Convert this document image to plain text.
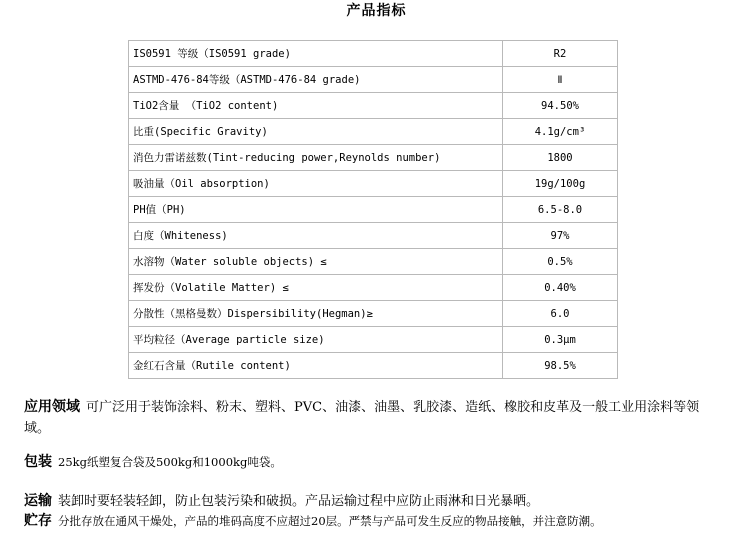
产品指标
IS0591 等级（IS0591 grade)	R2
ASTMD-476-84等级（ASTMD-476-84 grade)	Ⅱ
TiO2含量 （TiO2 content)	94.50%
比重(Specific Gravity)	4.1g/cm³
消色力雷诺兹数(Tint-reducing power,Reynolds number)	1800
吸油量（Oil absorption)	19g/100g
PH值（PH)	6.5-8.0
白度（Whiteness)	97%
水溶物（Water soluble objects) ≤	0.5%
挥发份（Volatile Matter) ≤	0.40%
分散性（黑格曼数）Dispersibility(Hegman)≥	6.0
平均粒径（Average particle size)	0.3μm
金红石含量（Rutile content)	98.5%
应用领域 可广泛用于装饰涂料、粉末、塑料、PVC、油漆、油墨、乳胶漆、造纸、橡胶和皮革及一般工业用涂料等领域。
包装 25kg纸塑复合袋及500kg和1000kg吨袋。
运输 装卸时要轻装轻卸，防止包装污染和破损。产品运输过程中应防止雨淋和日光暴晒。
贮存 分批存放在通风干燥处，产品的堆码高度不应超过20层。严禁与产品可发生反应的物品接触，并注意防潮。
